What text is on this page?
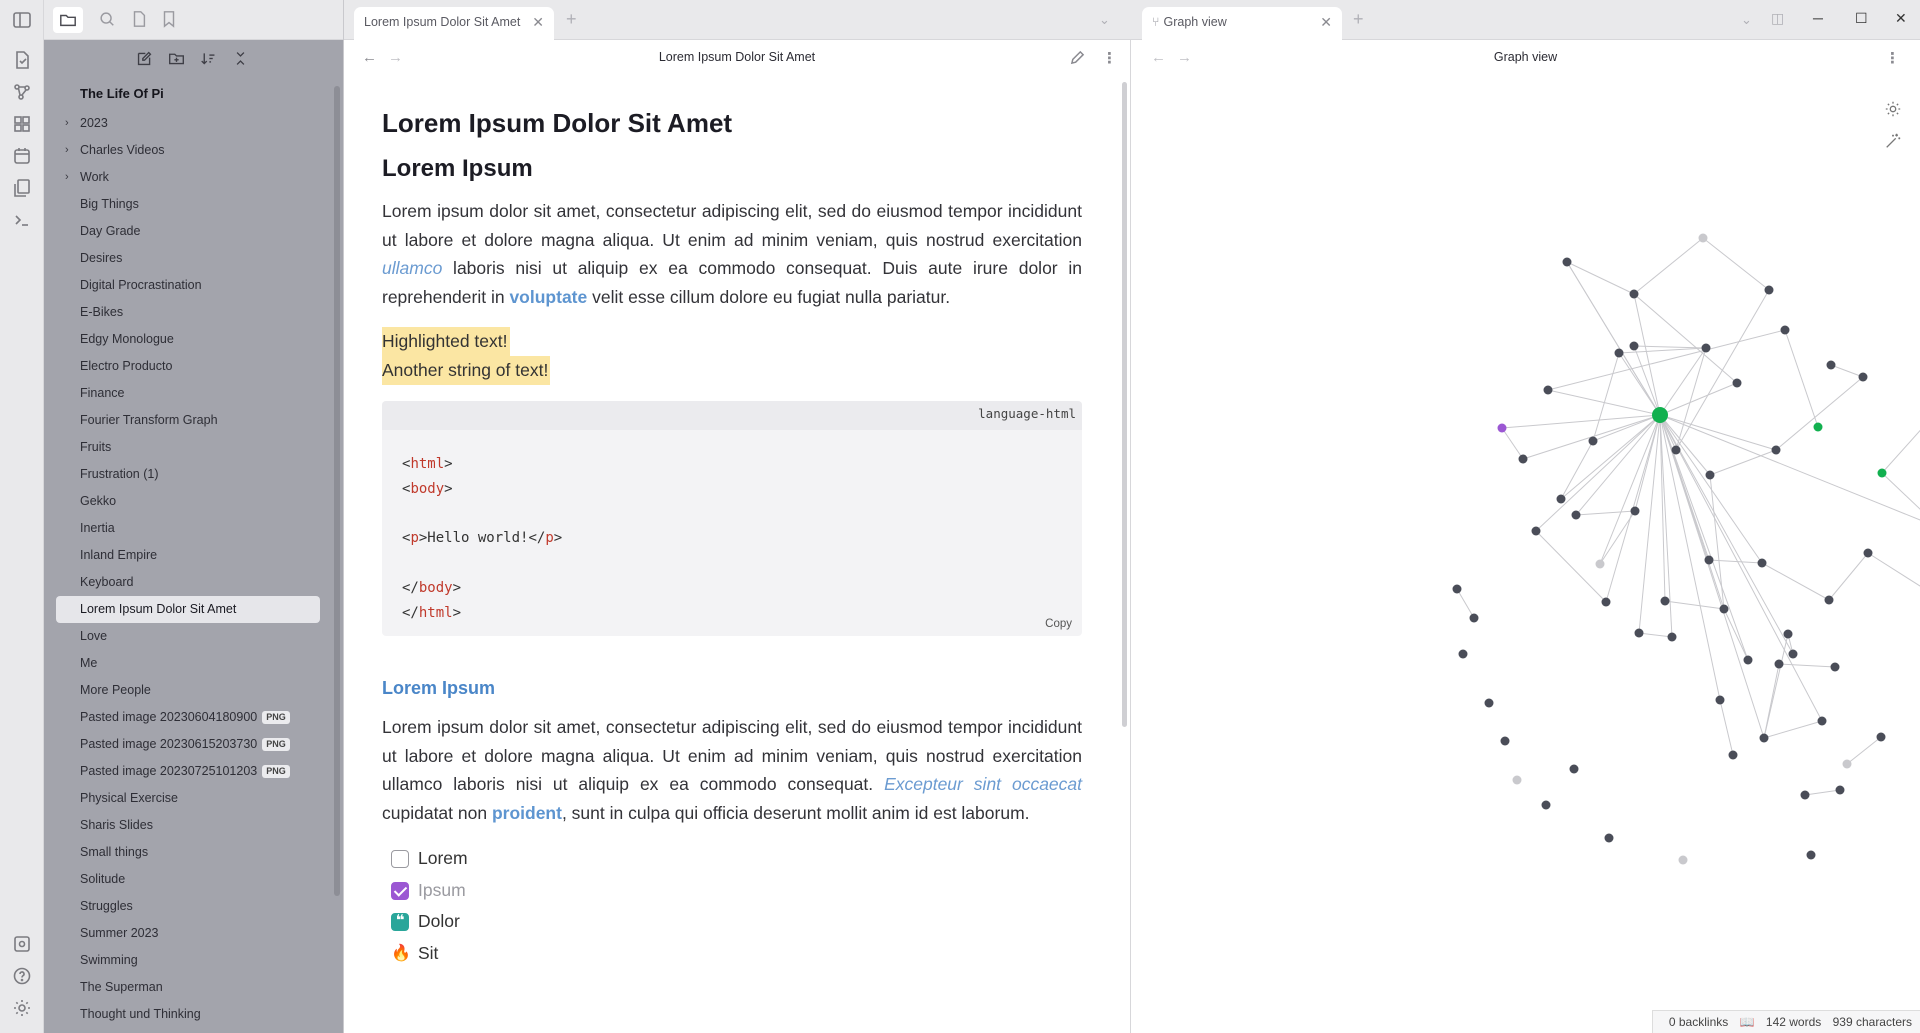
The Life Of Pi
› 2023
› Charles Videos
› Work
Big Things
Day Grade
Desires
Digital Procrastination
E-Bikes
Edgy Monologue
Electro Producto
Finance
Fourier Transform Graph
Fruits
Frustration (1)
Gekko
Inertia
Inland Empire
Keyboard
Lorem Ipsum Dolor Sit Amet
Love
Me
More People
Pasted image 20230604180900 PNG
Pasted image 20230615203730 PNG
Pasted image 20230725101203 PNG
Physical Exercise
Sharis Slides
Small things
Solitude
Struggles
Summer 2023
Swimming
The Superman
Thought und Thinking
Lorem Ipsum Dolor Sit Amet ✕ +	⌄
← →	Lorem Ipsum Dolor Sit Amet	⋮
Lorem Ipsum Dolor Sit Amet
Lorem Ipsum

Lorem ipsum dolor sit amet, consectetur adipiscing elit, sed do eiusmod tempor incididunt ut labore et dolore magna aliqua. Ut enim ad minim veniam, quis nostrud exercitation ullamco laboris nisi ut aliquip ex ea commodo consequat. Duis aute irure dolor in reprehenderit in voluptate velit esse cillum dolore eu fugiat nulla pariatur.

Highlighted text!
Another string of text!
language-html
<html>
<body>

<p>Hello world!</p>

</body>
</html>
Copy
Lorem Ipsum

Lorem ipsum dolor sit amet, consectetur adipiscing elit, sed do eiusmod tempor incididunt ut labore et dolore magna aliqua. Ut enim ad minim veniam, quis nostrud exercitation ullamco laboris nisi ut aliquip ex ea commodo consequat. Excepteur sint occaecat cupidatat non proident, sunt in culpa qui officia deserunt mollit anim id est laborum.

Lorem
Ipsum
❝ Dolor
🔥 Sit
⑂ Graph view	✕ +	⌄ ◫ ─ ☐ ✕
← →	Graph view	⋮
0 backlinks 📖 142 words 939 characters
